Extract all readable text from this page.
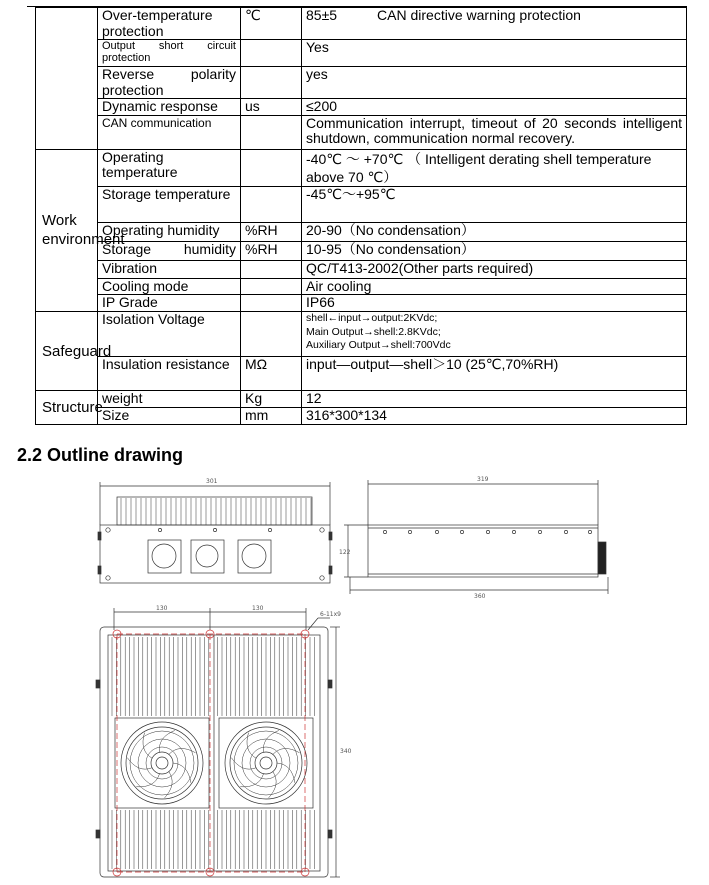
	Over-temperature protection	℃	85±5 CAN directive warning protection

	Output short circuit protection		Yes
	Reverse polarity protection		yes
	Dynamic response	us	≤200

	CAN communication		Communication interrupt, timeout of 20 seconds intelligent shutdown, communication normal recovery.
Work environment	Operating temperature		-40℃ ～ +70℃ （ Intelligent derating shell temperature above 70 ℃）
	Storage temperature		-45℃～+95℃
	Operating humidity	%RH	20-90（No condensation）
	Storage humidity	%RH	10-95（No condensation）
	Vibration		QC/T413-2002(Other parts required)
	Cooling mode		Air cooling
	IP Grade		IP66
Safeguard	Isolation Voltage		shell←input→output:2KVdc;
Main Output→shell:2.8KVdc;
Auxiliary Output→shell:700Vdc

	Insulation resistance	MΩ	input—output—shell＞10 (25℃,70%RH)
Structure	weight	Kg	12
	Size	mm	316*300*134
2.2 Outline drawing
301	319
122
360
130	130
6-11x9
340
